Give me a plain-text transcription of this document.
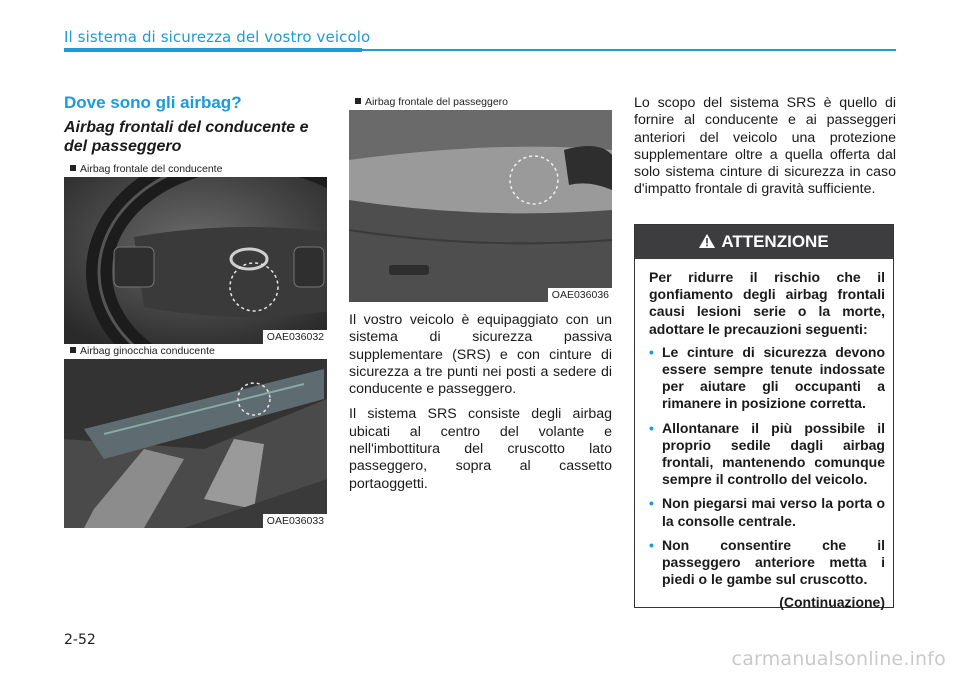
Il sistema di sicurezza del vostro veicolo
Dove sono gli airbag?
Airbag frontali del conducente e del passeggero
Airbag frontale del conducente
OAE036032
Airbag ginocchia conducente
OAE036033
Airbag frontale del passeggero
OAE036036

Il vostro veicolo è equipaggiato con un sistema di sicurezza passiva supplementare (SRS) e con cinture di sicurezza a tre punti nei posti a sedere di conducente e passeggero.

Il sistema SRS consiste degli airbag ubicati al centro del volante e nell'imbottitura del cruscotto lato passeggero, sopra al cassetto portaoggetti.

Lo scopo del sistema SRS è quello di fornire al conducente e ai passeggeri anteriori del veicolo una protezione supplementare oltre a quella offerta dal solo sistema cinture di sicurezza in caso d'impatto frontale di gravità sufficiente.

ATTENZIONE

Per ridurre il rischio che il gonfiamento degli airbag frontali causi lesioni serie o la morte, adottare le precauzioni seguenti:

• Le cinture di sicurezza devono essere sempre tenute indossate per aiutare gli occupanti a rimanere in posizione corretta.
• Allontanare il più possibile il proprio sedile dagli airbag frontali, mantenendo comunque sempre il controllo del veicolo.
• Non piegarsi mai verso la porta o la consolle centrale.
• Non consentire che il passeggero anteriore metta i piedi o le gambe sul cruscotto.
(Continuazione)
2-52
carmanualsonline.info
